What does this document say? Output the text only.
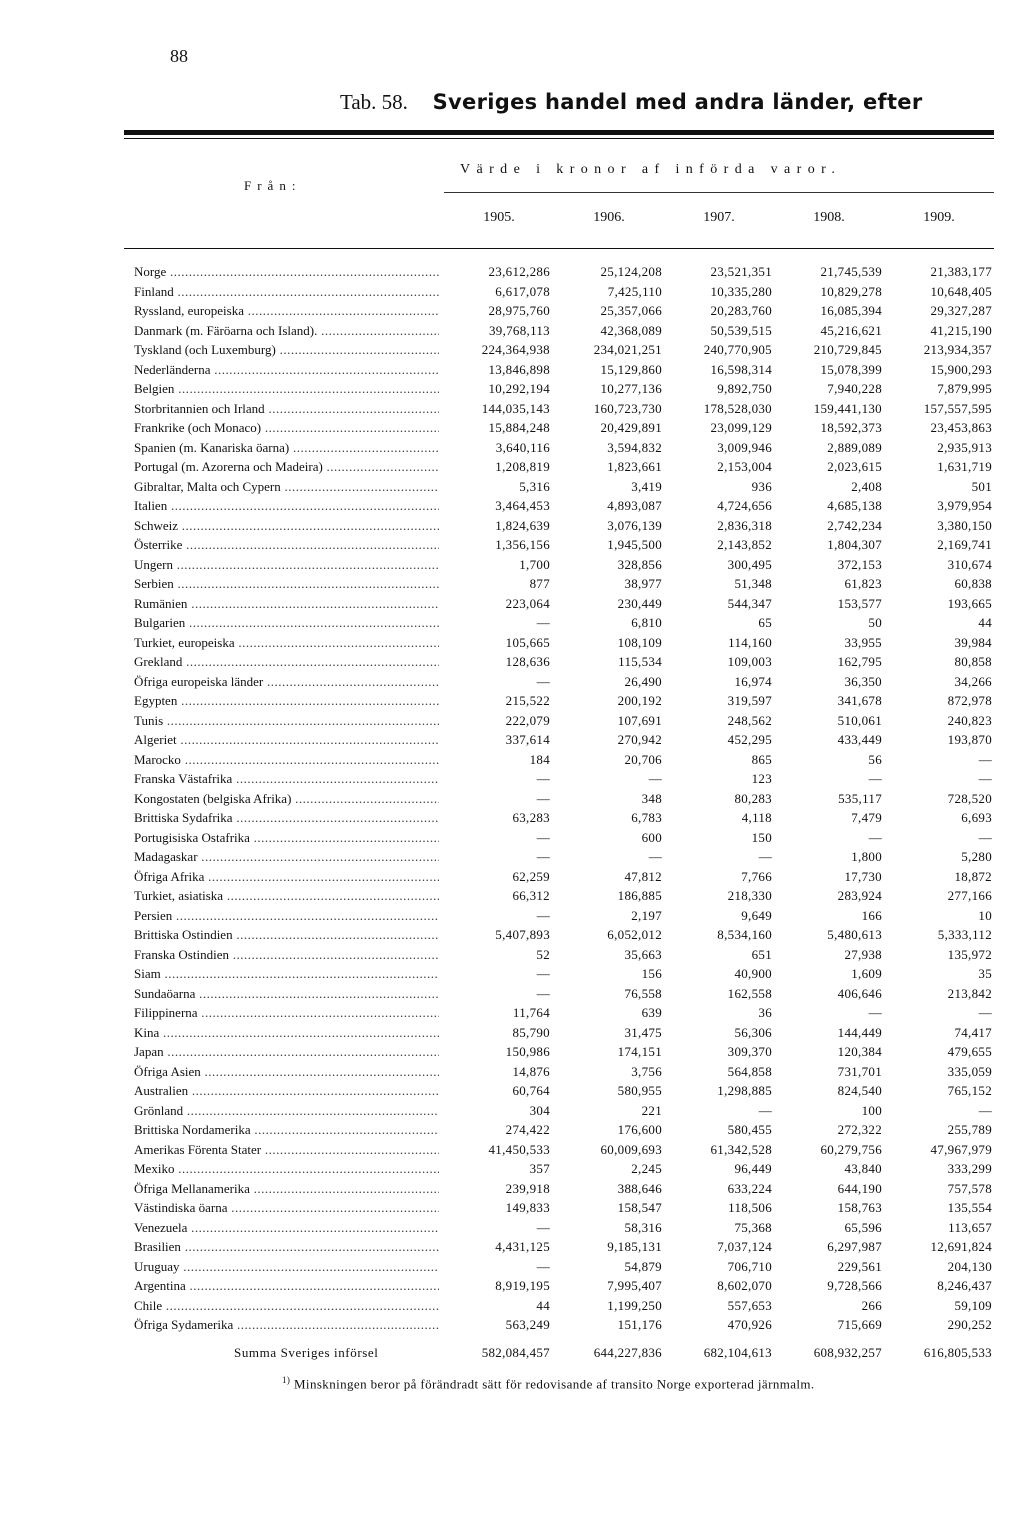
88
Tab. 58. Sveriges handel med andra länder, efter
Från:
Värde i kronor af införda varor.
1905.	1906.	1907.	1908.	1909.
Norge .....	23,612,286	25,124,208	23,521,351	21,745,539	21,383,177
Finland .....	6,617,078	7,425,110	10,335,280	10,829,278	10,648,405
Ryssland, europeiska .....	28,975,760	25,357,066	20,283,760	16,085,394	29,327,287
Danmark (m. Färöarna och Island). .....	39,768,113	42,368,089	50,539,515	45,216,621	41,215,190
Tyskland (och Luxemburg) .....	224,364,938	234,021,251	240,770,905	210,729,845	213,934,357
Nederländerna .....	13,846,898	15,129,860	16,598,314	15,078,399	15,900,293
Belgien .....	10,292,194	10,277,136	9,892,750	7,940,228	7,879,995
Storbritannien och Irland .....	144,035,143	160,723,730	178,528,030	159,441,130	157,557,595
Frankrike (och Monaco) .....	15,884,248	20,429,891	23,099,129	18,592,373	23,453,863
Spanien (m. Kanariska öarna) .....	3,640,116	3,594,832	3,009,946	2,889,089	2,935,913
Portugal (m. Azorerna och Madeira) .....	1,208,819	1,823,661	2,153,004	2,023,615	1,631,719
Gibraltar, Malta och Cypern .....	5,316	3,419	936	2,408	501
Italien .....	3,464,453	4,893,087	4,724,656	4,685,138	3,979,954
Schweiz .....	1,824,639	3,076,139	2,836,318	2,742,234	3,380,150
Österrike .....	1,356,156	1,945,500	2,143,852	1,804,307	2,169,741
Ungern .....	1,700	328,856	300,495	372,153	310,674
Serbien .....	877	38,977	51,348	61,823	60,838
Rumänien .....	223,064	230,449	544,347	153,577	193,665
Bulgarien .....	—	6,810	65	50	44
Turkiet, europeiska .....	105,665	108,109	114,160	33,955	39,984
Grekland .....	128,636	115,534	109,003	162,795	80,858
Öfriga europeiska länder .....	—	26,490	16,974	36,350	34,266
Egypten .....	215,522	200,192	319,597	341,678	872,978
Tunis .....	222,079	107,691	248,562	510,061	240,823
Algeriet .....	337,614	270,942	452,295	433,449	193,870
Marocko .....	184	20,706	865	56	—
Franska Västafrika .....	—	—	123	—	—
Kongostaten (belgiska Afrika) .....	—	348	80,283	535,117	728,520
Brittiska Sydafrika .....	63,283	6,783	4,118	7,479	6,693
Portugisiska Ostafrika .....	—	600	150	—	—
Madagaskar .....	—	—	—	1,800	5,280
Öfriga Afrika .....	62,259	47,812	7,766	17,730	18,872
Turkiet, asiatiska .....	66,312	186,885	218,330	283,924	277,166
Persien .....	—	2,197	9,649	166	10
Brittiska Ostindien .....	5,407,893	6,052,012	8,534,160	5,480,613	5,333,112
Franska Ostindien .....	52	35,663	651	27,938	135,972
Siam .....	—	156	40,900	1,609	35
Sundaöarna .....	—	76,558	162,558	406,646	213,842
Filippinerna .....	11,764	639	36	—	—
Kina .....	85,790	31,475	56,306	144,449	74,417
Japan .....	150,986	174,151	309,370	120,384	479,655
Öfriga Asien .....	14,876	3,756	564,858	731,701	335,059
Australien .....	60,764	580,955	1,298,885	824,540	765,152
Grönland .....	304	221	—	100	—
Brittiska Nordamerika .....	274,422	176,600	580,455	272,322	255,789
Amerikas Förenta Stater .....	41,450,533	60,009,693	61,342,528	60,279,756	47,967,979
Mexiko .....	357	2,245	96,449	43,840	333,299
Öfriga Mellanamerika .....	239,918	388,646	633,224	644,190	757,578
Västindiska öarna .....	149,833	158,547	118,506	158,763	135,554
Venezuela .....	—	58,316	75,368	65,596	113,657
Brasilien .....	4,431,125	9,185,131	7,037,124	6,297,987	12,691,824
Uruguay .....	—	54,879	706,710	229,561	204,130
Argentina .....	8,919,195	7,995,407	8,602,070	9,728,566	8,246,437
Chile .....	44	1,199,250	557,653	266	59,109
Öfriga Sydamerika .....	563,249	151,176	470,926	715,669	290,252
Summa Sveriges införsel	582,084,457	644,227,836	682,104,613	608,932,257	616,805,533
$^{1)}$ Minskningen beror på förändradt sätt för redovisande af transito Norge exporterad järnmalm.
